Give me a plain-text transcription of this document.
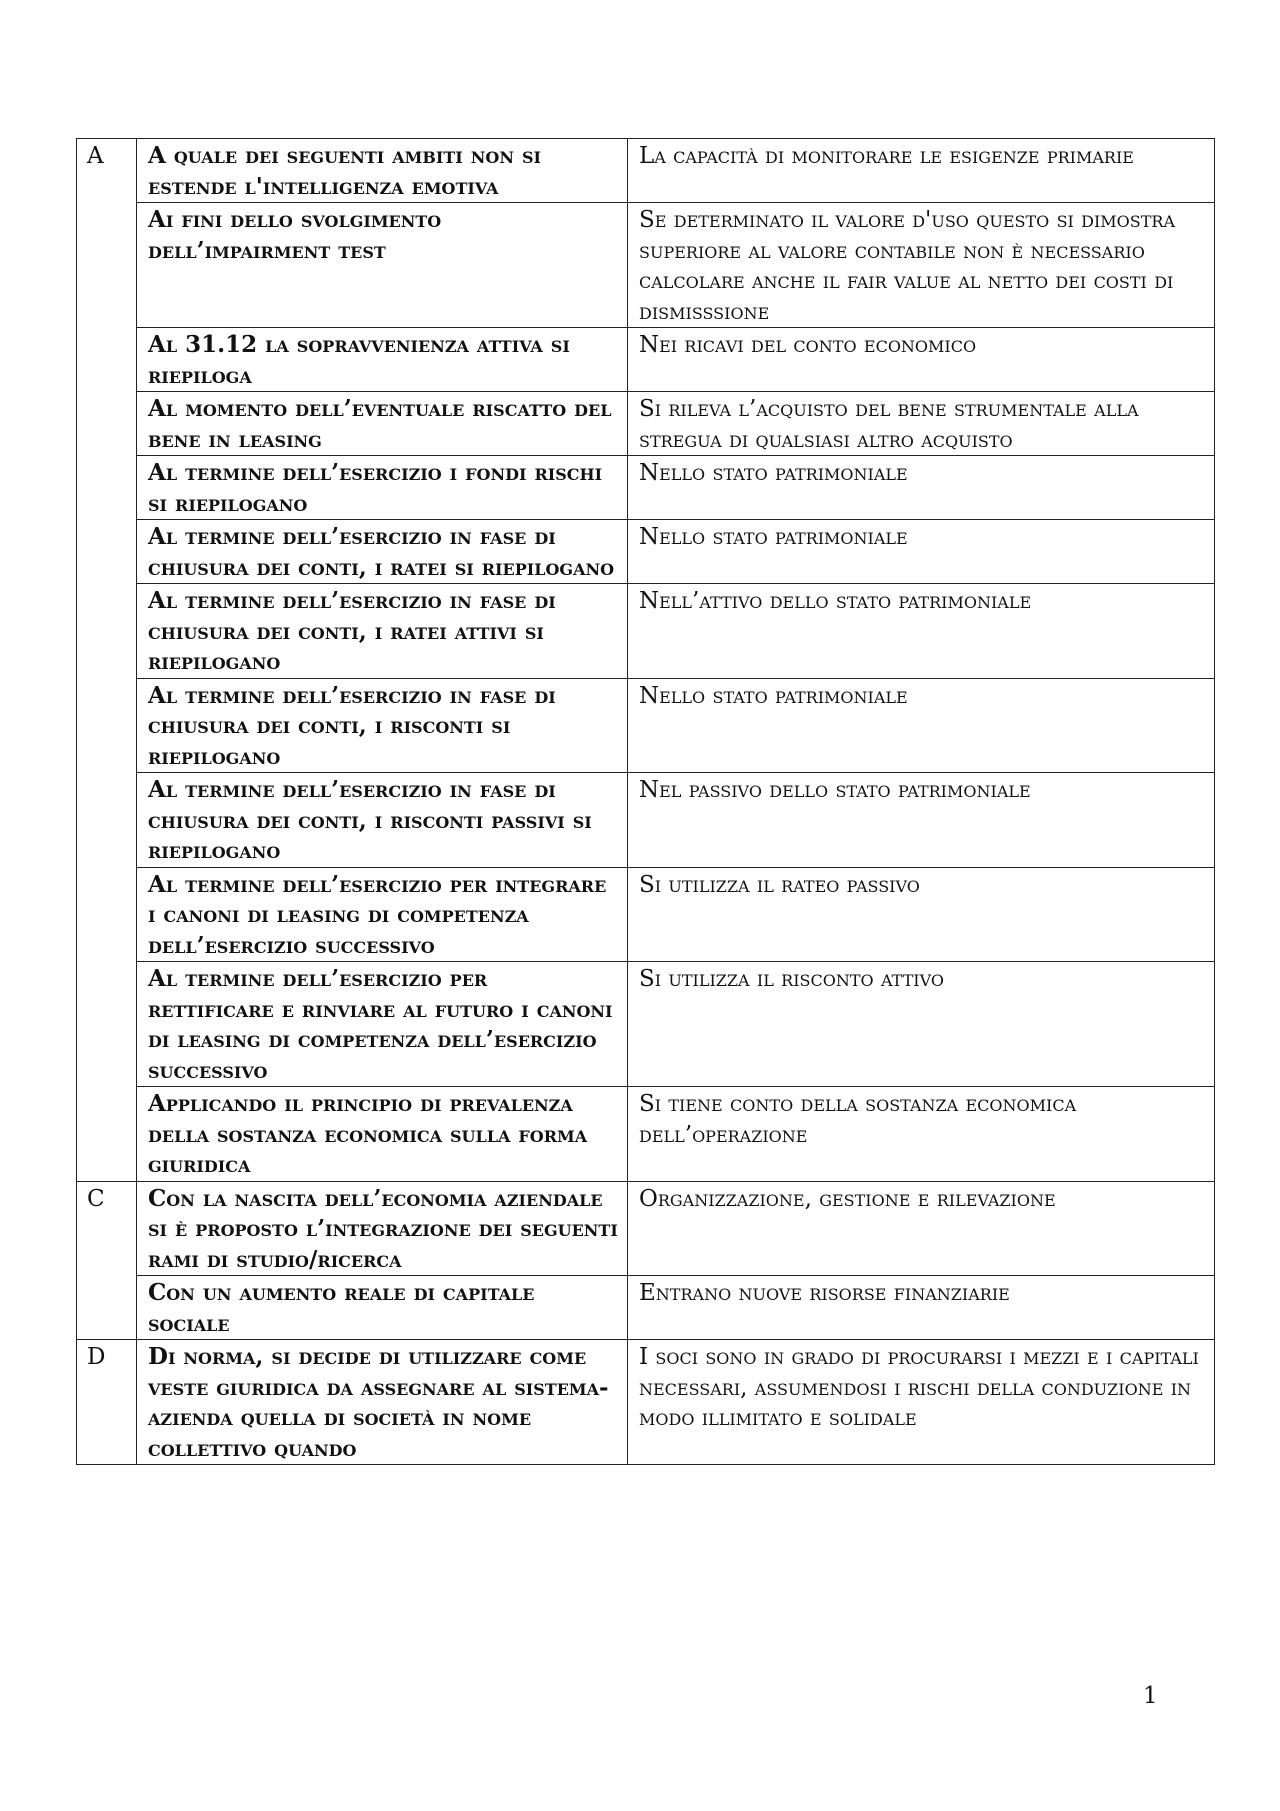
A	A quale dei seguenti ambiti non si estende l'intelligenza emotiva	La capacità di monitorare le esigenze primarie
	Ai fini dello svolgimento dell’impairment test	Se determinato il valore d'uso questo si dimostra superiore al valore contabile non è necessario calcolare anche il fair value al netto dei costi di dismisssione
	Al 31.12 la sopravvenienza attiva si riepiloga	Nei ricavi del conto economico
	Al momento dell’eventuale riscatto del bene in leasing	Si rileva l’acquisto del bene strumentale alla stregua di qualsiasi altro acquisto
	Al termine dell’esercizio i fondi rischi si riepilogano	Nello stato patrimoniale
	Al termine dell’esercizio in fase di chiusura dei conti, i ratei si riepilogano	Nello stato patrimoniale
	Al termine dell’esercizio in fase di chiusura dei conti, i ratei attivi si riepilogano	Nell’attivo dello stato patrimoniale
	Al termine dell’esercizio in fase di chiusura dei conti, i risconti si riepilogano	Nello stato patrimoniale
	Al termine dell’esercizio in fase di chiusura dei conti, i risconti passivi si riepilogano	Nel passivo dello stato patrimoniale
	Al termine dell’esercizio per integrare i canoni di leasing di competenza dell’esercizio successivo	Si utilizza il rateo passivo
	Al termine dell’esercizio per rettificare e rinviare al futuro i canoni di leasing di competenza dell’esercizio successivo	Si utilizza il risconto attivo
	Applicando il principio di prevalenza della sostanza economica sulla forma giuridica	Si tiene conto della sostanza economica dell’operazione
C	Con la nascita dell’economia aziendale si è proposto l’integrazione dei seguenti rami di studio/ricerca	Organizzazione, gestione e rilevazione
	Con un aumento reale di capitale sociale	Entrano nuove risorse finanziarie
D	Di norma, si decide di utilizzare come veste giuridica da assegnare al sistema-azienda quella di società in nome collettivo quando	I soci sono in grado di procurarsi i mezzi e i capitali necessari, assumendosi i rischi della conduzione in modo illimitato e solidale
1
